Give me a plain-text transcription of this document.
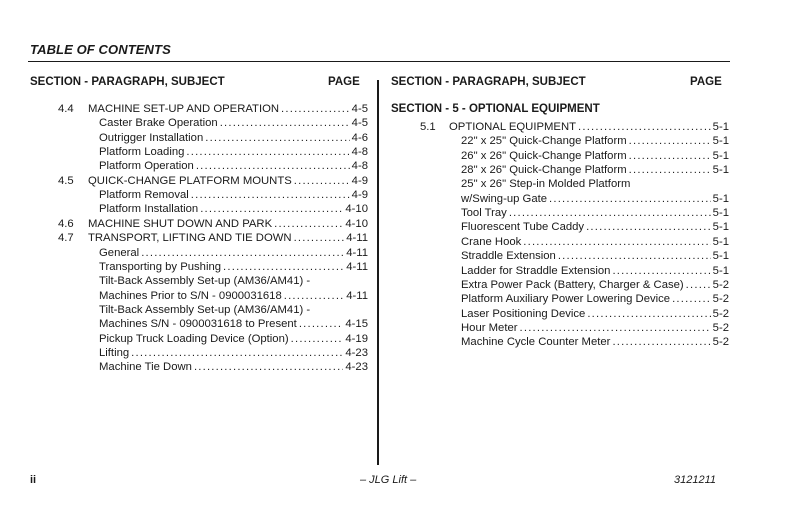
TABLE OF CONTENTS
SECTION - PARAGRAPH, SUBJECT	PAGE	SECTION - PARAGRAPH, SUBJECT	PAGE
SECTION - 5 - OPTIONAL EQUIPMENT
4.4 MACHINE SET-UP AND OPERATION .....	4-5
Caster Brake Operation .....	4-5
Outrigger Installation .....	4-6
Platform Loading .....	4-8
Platform Operation .....	4-8
4.5 QUICK-CHANGE PLATFORM MOUNTS .....	4-9
Platform Removal .....	4-9
Platform Installation .....	4-10
4.6 MACHINE SHUT DOWN AND PARK .....	4-10
4.7 TRANSPORT, LIFTING AND TIE DOWN .....	4-11
General .....	4-11
Transporting by Pushing .....	4-11
Tilt-Back Assembly Set-up (AM36/AM41) -
Machines Prior to S/N - 0900031618 .....	4-11
Tilt-Back Assembly Set-up (AM36/AM41) -
Machines S/N - 0900031618 to Present .....	4-15
Pickup Truck Loading Device (Option) .....	4-19
Lifting .....	4-23
Machine Tie Down .....	4-23
5.1 OPTIONAL EQUIPMENT .....	5-1
22" x 25" Quick-Change Platform .....	5-1
26" x 26" Quick-Change Platform .....	5-1
28" x 26" Quick-Change Platform .....	5-1
25" x 26" Step-in Molded Platform
w/Swing-up Gate .....	5-1
Tool Tray .....	5-1
Fluorescent Tube Caddy .....	5-1
Crane Hook .....	5-1
Straddle Extension .....	5-1
Ladder for Straddle Extension .....	5-1
Extra Power Pack (Battery, Charger & Case) .....	5-2
Platform Auxiliary Power Lowering Device .....	5-2
Laser Positioning Device .....	5-2
Hour Meter .....	5-2
Machine Cycle Counter Meter .....	5-2
ii	– JLG Lift –	3121211
